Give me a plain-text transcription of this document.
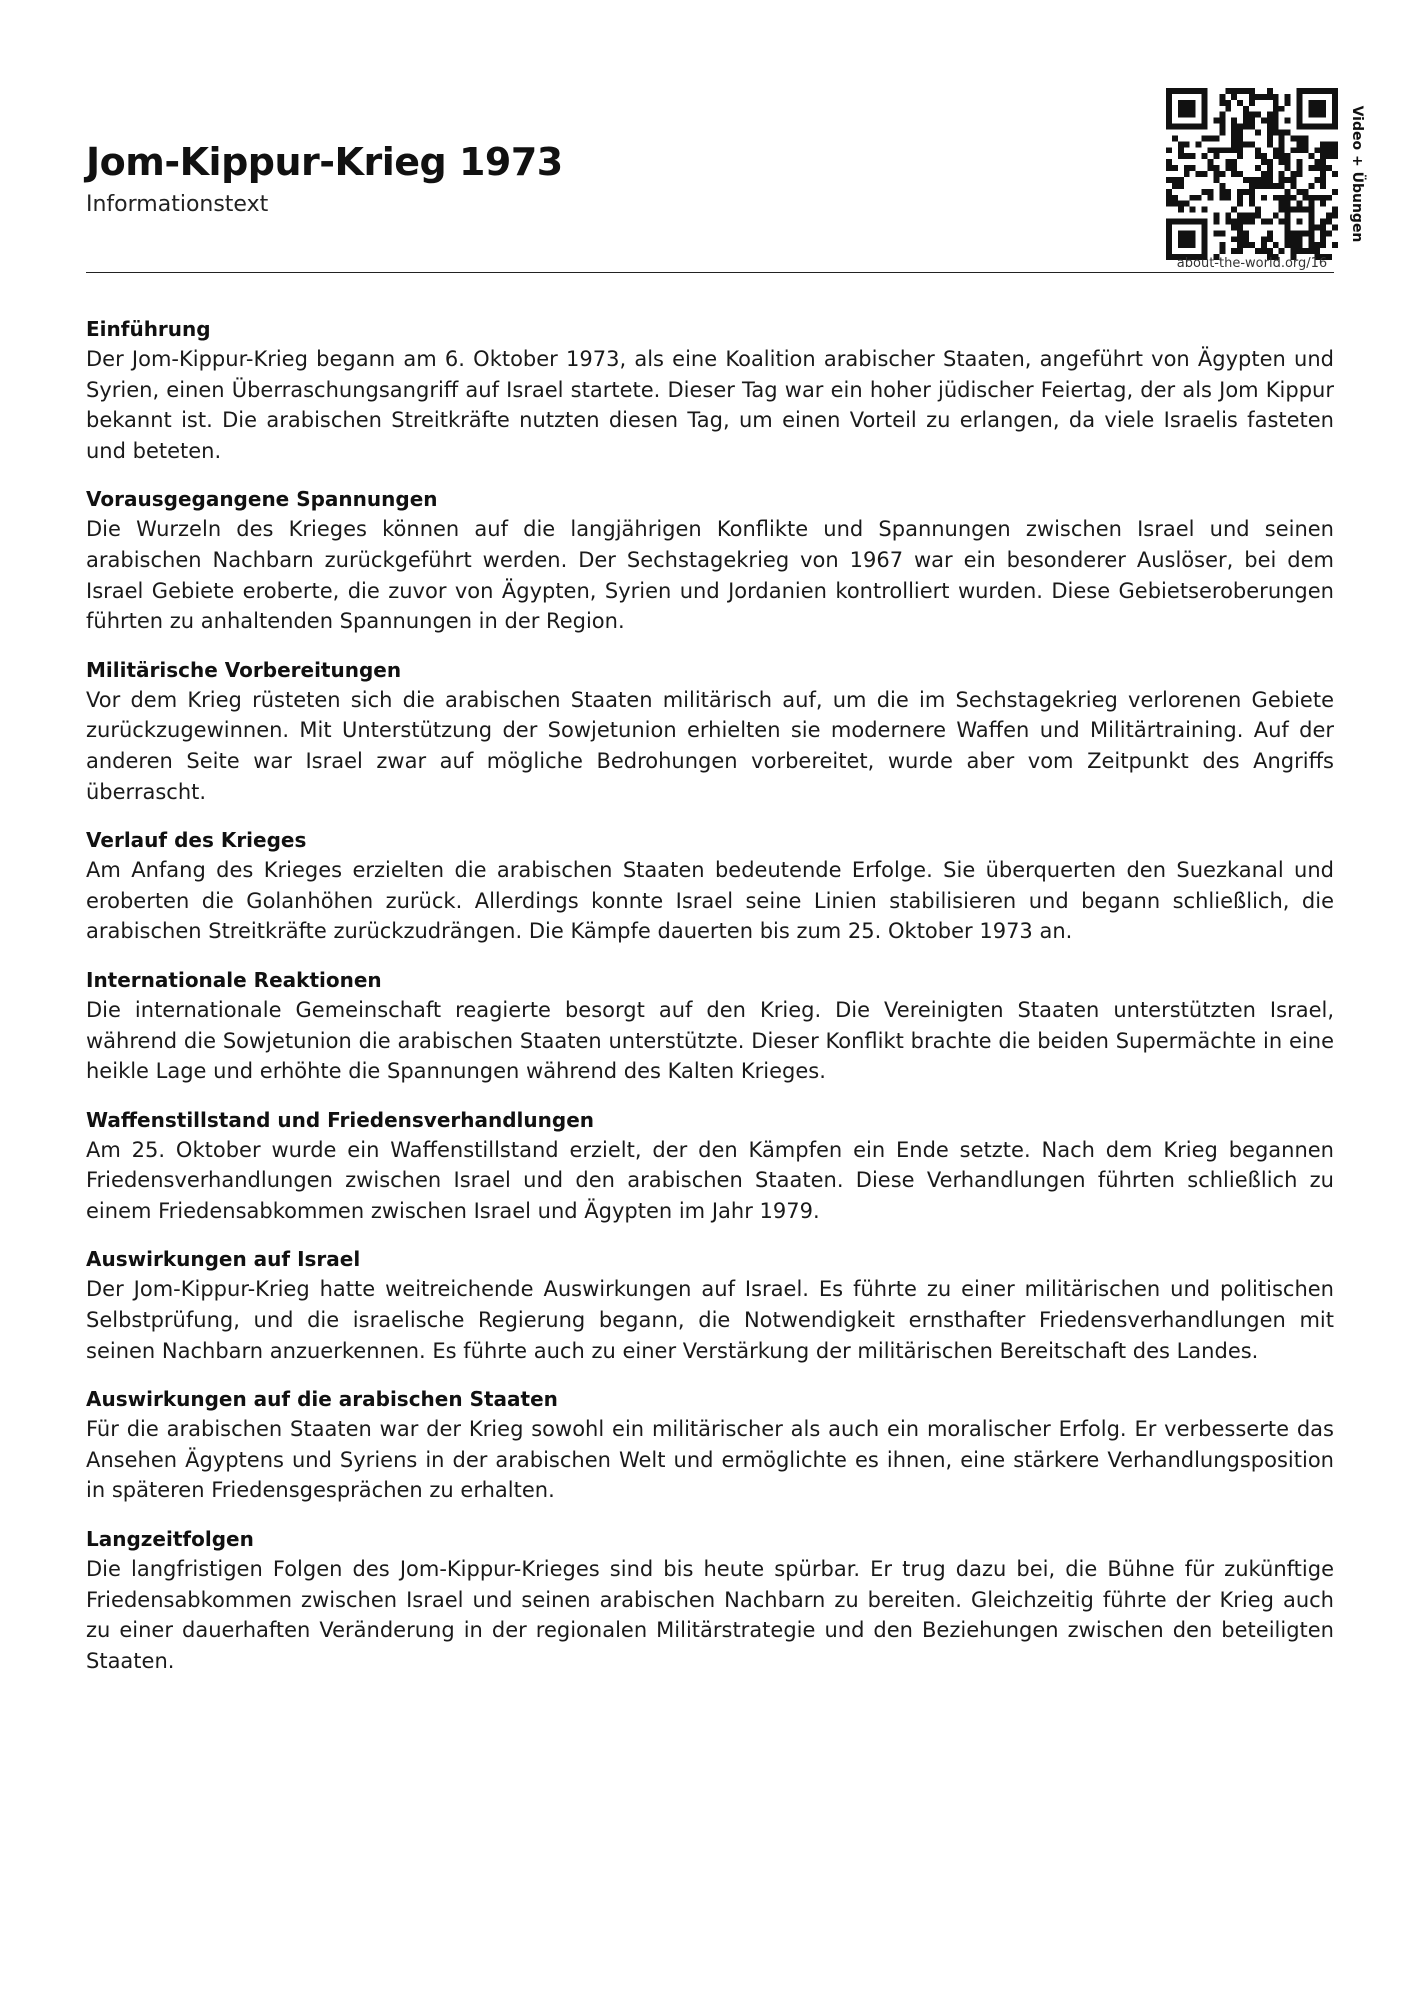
Jom-Kippur-Krieg 1973
Informationstext
about-the-world.org/16
Video + Übungen
Einführung

Der Jom-Kippur-Krieg begann am 6. Oktober 1973, als eine Koalition arabischer Staaten, angeführt von Ägypten und Syrien, einen Überraschungsangriff auf Israel startete. Dieser Tag war ein hoher jüdischer Feiertag, der als Jom Kippur bekannt ist. Die arabischen Streitkräfte nutzten diesen Tag, um einen Vorteil zu erlangen, da viele Israelis fasteten und beteten.

Vorausgegangene Spannungen

Die Wurzeln des Krieges können auf die langjährigen Konflikte und Spannungen zwischen Israel und seinen arabischen Nachbarn zurückgeführt werden. Der Sechstagekrieg von 1967 war ein besonderer Auslöser, bei dem Israel Gebiete eroberte, die zuvor von Ägypten, Syrien und Jordanien kontrolliert wurden. Diese Gebietseroberungen führten zu anhaltenden Spannungen in der Region.

Militärische Vorbereitungen

Vor dem Krieg rüsteten sich die arabischen Staaten militärisch auf, um die im Sechstagekrieg verlorenen Gebiete zurückzugewinnen. Mit Unterstützung der Sowjetunion erhielten sie modernere Waffen und Militärtraining. Auf der anderen Seite war Israel zwar auf mögliche Bedrohungen vorbereitet, wurde aber vom Zeitpunkt des Angriffs überrascht.

Verlauf des Krieges

Am Anfang des Krieges erzielten die arabischen Staaten bedeutende Erfolge. Sie überquerten den Suezkanal und eroberten die Golanhöhen zurück. Allerdings konnte Israel seine Linien stabilisieren und begann schließlich, die arabischen Streitkräfte zurückzudrängen. Die Kämpfe dauerten bis zum 25. Oktober 1973 an.

Internationale Reaktionen

Die internationale Gemeinschaft reagierte besorgt auf den Krieg. Die Vereinigten Staaten unterstützten Israel, während die Sowjetunion die arabischen Staaten unterstützte. Dieser Konflikt brachte die beiden Supermächte in eine heikle Lage und erhöhte die Spannungen während des Kalten Krieges.

Waffenstillstand und Friedensverhandlungen

Am 25. Oktober wurde ein Waffenstillstand erzielt, der den Kämpfen ein Ende setzte. Nach dem Krieg begannen Friedensverhandlungen zwischen Israel und den arabischen Staaten. Diese Verhandlungen führten schließlich zu einem Friedensabkommen zwischen Israel und Ägypten im Jahr 1979.

Auswirkungen auf Israel

Der Jom-Kippur-Krieg hatte weitreichende Auswirkungen auf Israel. Es führte zu einer militärischen und politischen Selbstprüfung, und die israelische Regierung begann, die Notwendigkeit ernsthafter Friedensverhandlungen mit seinen Nachbarn anzuerkennen. Es führte auch zu einer Verstärkung der militärischen Bereitschaft des Landes.

Auswirkungen auf die arabischen Staaten

Für die arabischen Staaten war der Krieg sowohl ein militärischer als auch ein moralischer Erfolg. Er verbesserte das Ansehen Ägyptens und Syriens in der arabischen Welt und ermöglichte es ihnen, eine stärkere Verhandlungsposition in späteren Friedensgesprächen zu erhalten.

Langzeitfolgen

Die langfristigen Folgen des Jom-Kippur-Krieges sind bis heute spürbar. Er trug dazu bei, die Bühne für zukünftige Friedensabkommen zwischen Israel und seinen arabischen Nachbarn zu bereiten. Gleichzeitig führte der Krieg auch zu einer dauerhaften Veränderung in der regionalen Militärstrategie und den Beziehungen zwischen den beteiligten Staaten.
